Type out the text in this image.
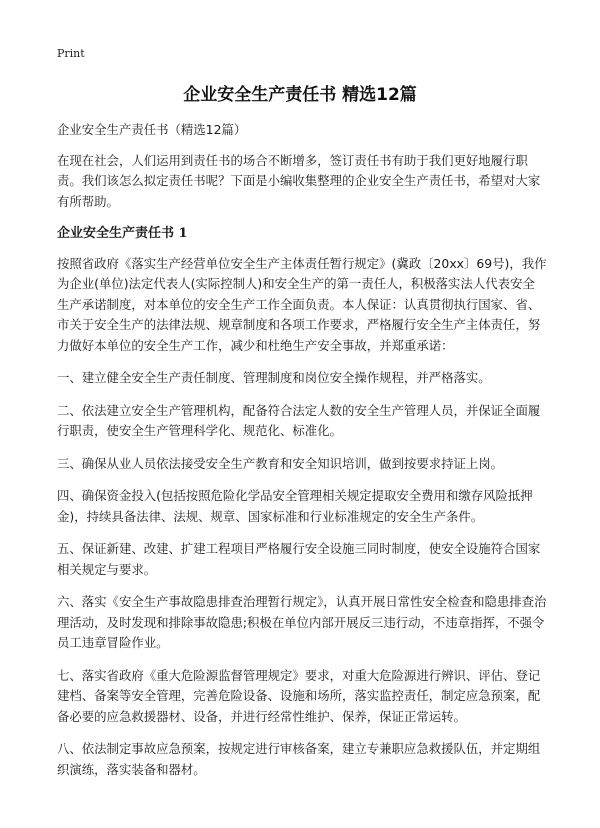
Print
企业安全生产责任书 精选12篇

企业安全生产责任书（精选12篇）

在现在社会，人们运用到责任书的场合不断增多，签订责任书有助于我们更好地履行职责。我们该怎么拟定责任书呢？下面是小编收集整理的企业安全生产责任书，希望对大家有所帮助。

企业安全生产责任书 1

按照省政府《落实生产经营单位安全生产主体责任暂行规定》(冀政〔20xx〕69号)，我作为企业(单位)法定代表人(实际控制人)和安全生产的第一责任人，积极落实法人代表安全生产承诺制度，对本单位的安全生产工作全面负责。本人保证：认真贯彻执行国家、省、市关于安全生产的法律法规、规章制度和各项工作要求，严格履行安全生产主体责任，努力做好本单位的安全生产工作，减少和杜绝生产安全事故，并郑重承诺：

一、建立健全安全生产责任制度、管理制度和岗位安全操作规程，并严格落实。

二、依法建立安全生产管理机构，配备符合法定人数的安全生产管理人员，并保证全面履行职责，使安全生产管理科学化、规范化、标准化。

三、确保从业人员依法接受安全生产教育和安全知识培训，做到按要求持证上岗。

四、确保资金投入(包括按照危险化学品安全管理相关规定提取安全费用和缴存风险抵押金)，持续具备法律、法规、规章、国家标准和行业标准规定的安全生产条件。

五、保证新建、改建、扩建工程项目严格履行安全设施三同时制度，使安全设施符合国家相关规定与要求。

六、落实《安全生产事故隐患排查治理暂行规定》，认真开展日常性安全检查和隐患排查治理活动，及时发现和排除事故隐患;积极在单位内部开展反三违行动，不违章指挥，不强令员工违章冒险作业。

七、落实省政府《重大危险源监督管理规定》要求，对重大危险源进行辨识、评估、登记建档、备案等安全管理，完善危险设备、设施和场所，落实监控责任，制定应急预案，配备必要的应急救援器材、设备，并进行经常性维护、保养，保证正常运转。

八、依法制定事故应急预案，按规定进行审核备案，建立专兼职应急救援队伍，并定期组织演练，落实装备和器材。
